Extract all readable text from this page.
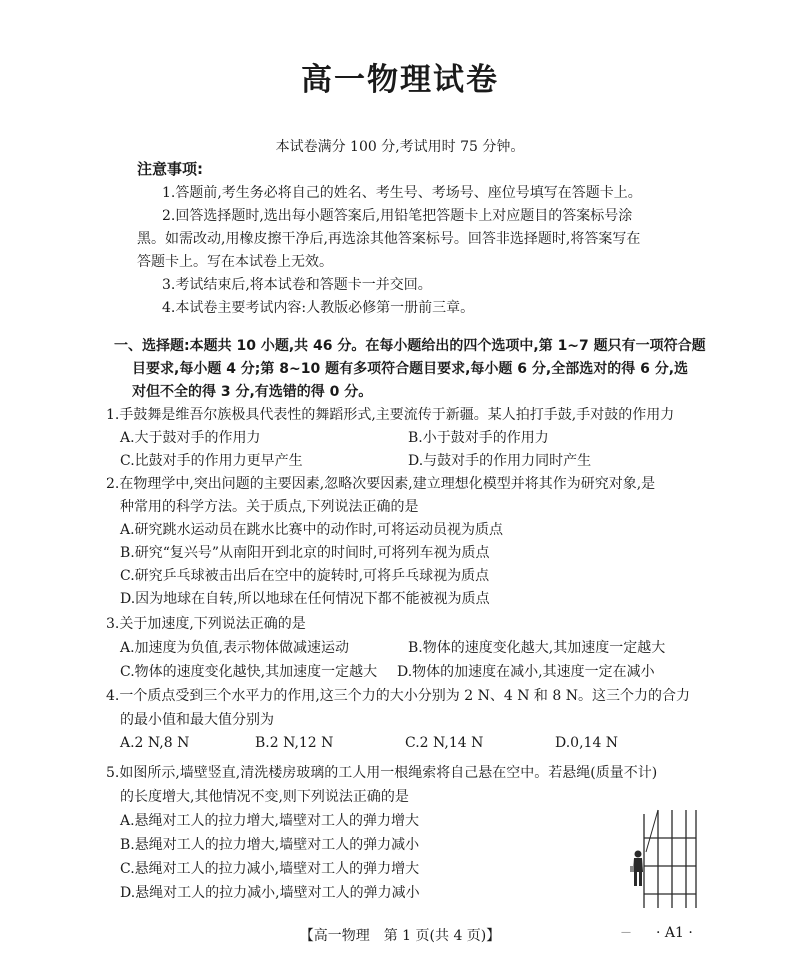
高一物理试卷
本试卷满分 100 分,考试用时 75 分钟。
注意事项:
1.答题前,考生务必将自己的姓名、考生号、考场号、座位号填写在答题卡上。
2.回答选择题时,选出每小题答案后,用铅笔把答题卡上对应题目的答案标号涂
黑。如需改动,用橡皮擦干净后,再选涂其他答案标号。回答非选择题时,将答案写在
答题卡上。写在本试卷上无效。
3.考试结束后,将本试卷和答题卡一并交回。
4.本试卷主要考试内容:人教版必修第一册前三章。
一、选择题:本题共 10 小题,共 46 分。在每小题给出的四个选项中,第 1~7 题只有一项符合题
目要求,每小题 4 分;第 8~10 题有多项符合题目要求,每小题 6 分,全部选对的得 6 分,选
对但不全的得 3 分,有选错的得 0 分。
1.手鼓舞是维吾尔族极具代表性的舞蹈形式,主要流传于新疆。某人拍打手鼓,手对鼓的作用力
A.大于鼓对手的作用力	B.小于鼓对手的作用力
C.比鼓对手的作用力更早产生	D.与鼓对手的作用力同时产生
2.在物理学中,突出问题的主要因素,忽略次要因素,建立理想化模型并将其作为研究对象,是
种常用的科学方法。关于质点,下列说法正确的是
A.研究跳水运动员在跳水比赛中的动作时,可将运动员视为质点
B.研究“复兴号”从南阳开到北京的时间时,可将列车视为质点
C.研究乒乓球被击出后在空中的旋转时,可将乒乓球视为质点
D.因为地球在自转,所以地球在任何情况下都不能被视为质点
3.关于加速度,下列说法正确的是
A.加速度为负值,表示物体做减速运动	B.物体的速度变化越大,其加速度一定越大
C.物体的速度变化越快,其加速度一定越大 D.物体的加速度在减小,其速度一定在减小
4.一个质点受到三个水平力的作用,这三个力的大小分别为 2 N、4 N 和 8 N。这三个力的合力
的最小值和最大值分别为
A.2 N,8 N	B.2 N,12 N	C.2 N,14 N	D.0,14 N
5.如图所示,墙壁竖直,清洗楼房玻璃的工人用一根绳索将自己悬在空中。若悬绳(质量不计)
的长度增大,其他情况不变,则下列说法正确的是
A.悬绳对工人的拉力增大,墙壁对工人的弹力增大
B.悬绳对工人的拉力增大,墙壁对工人的弹力减小
C.悬绳对工人的拉力减小,墙壁对工人的弹力增大
D.悬绳对工人的拉力减小,墙壁对工人的弹力减小
【高一物理　第 1 页(共 4 页)】	— · A1 ·
